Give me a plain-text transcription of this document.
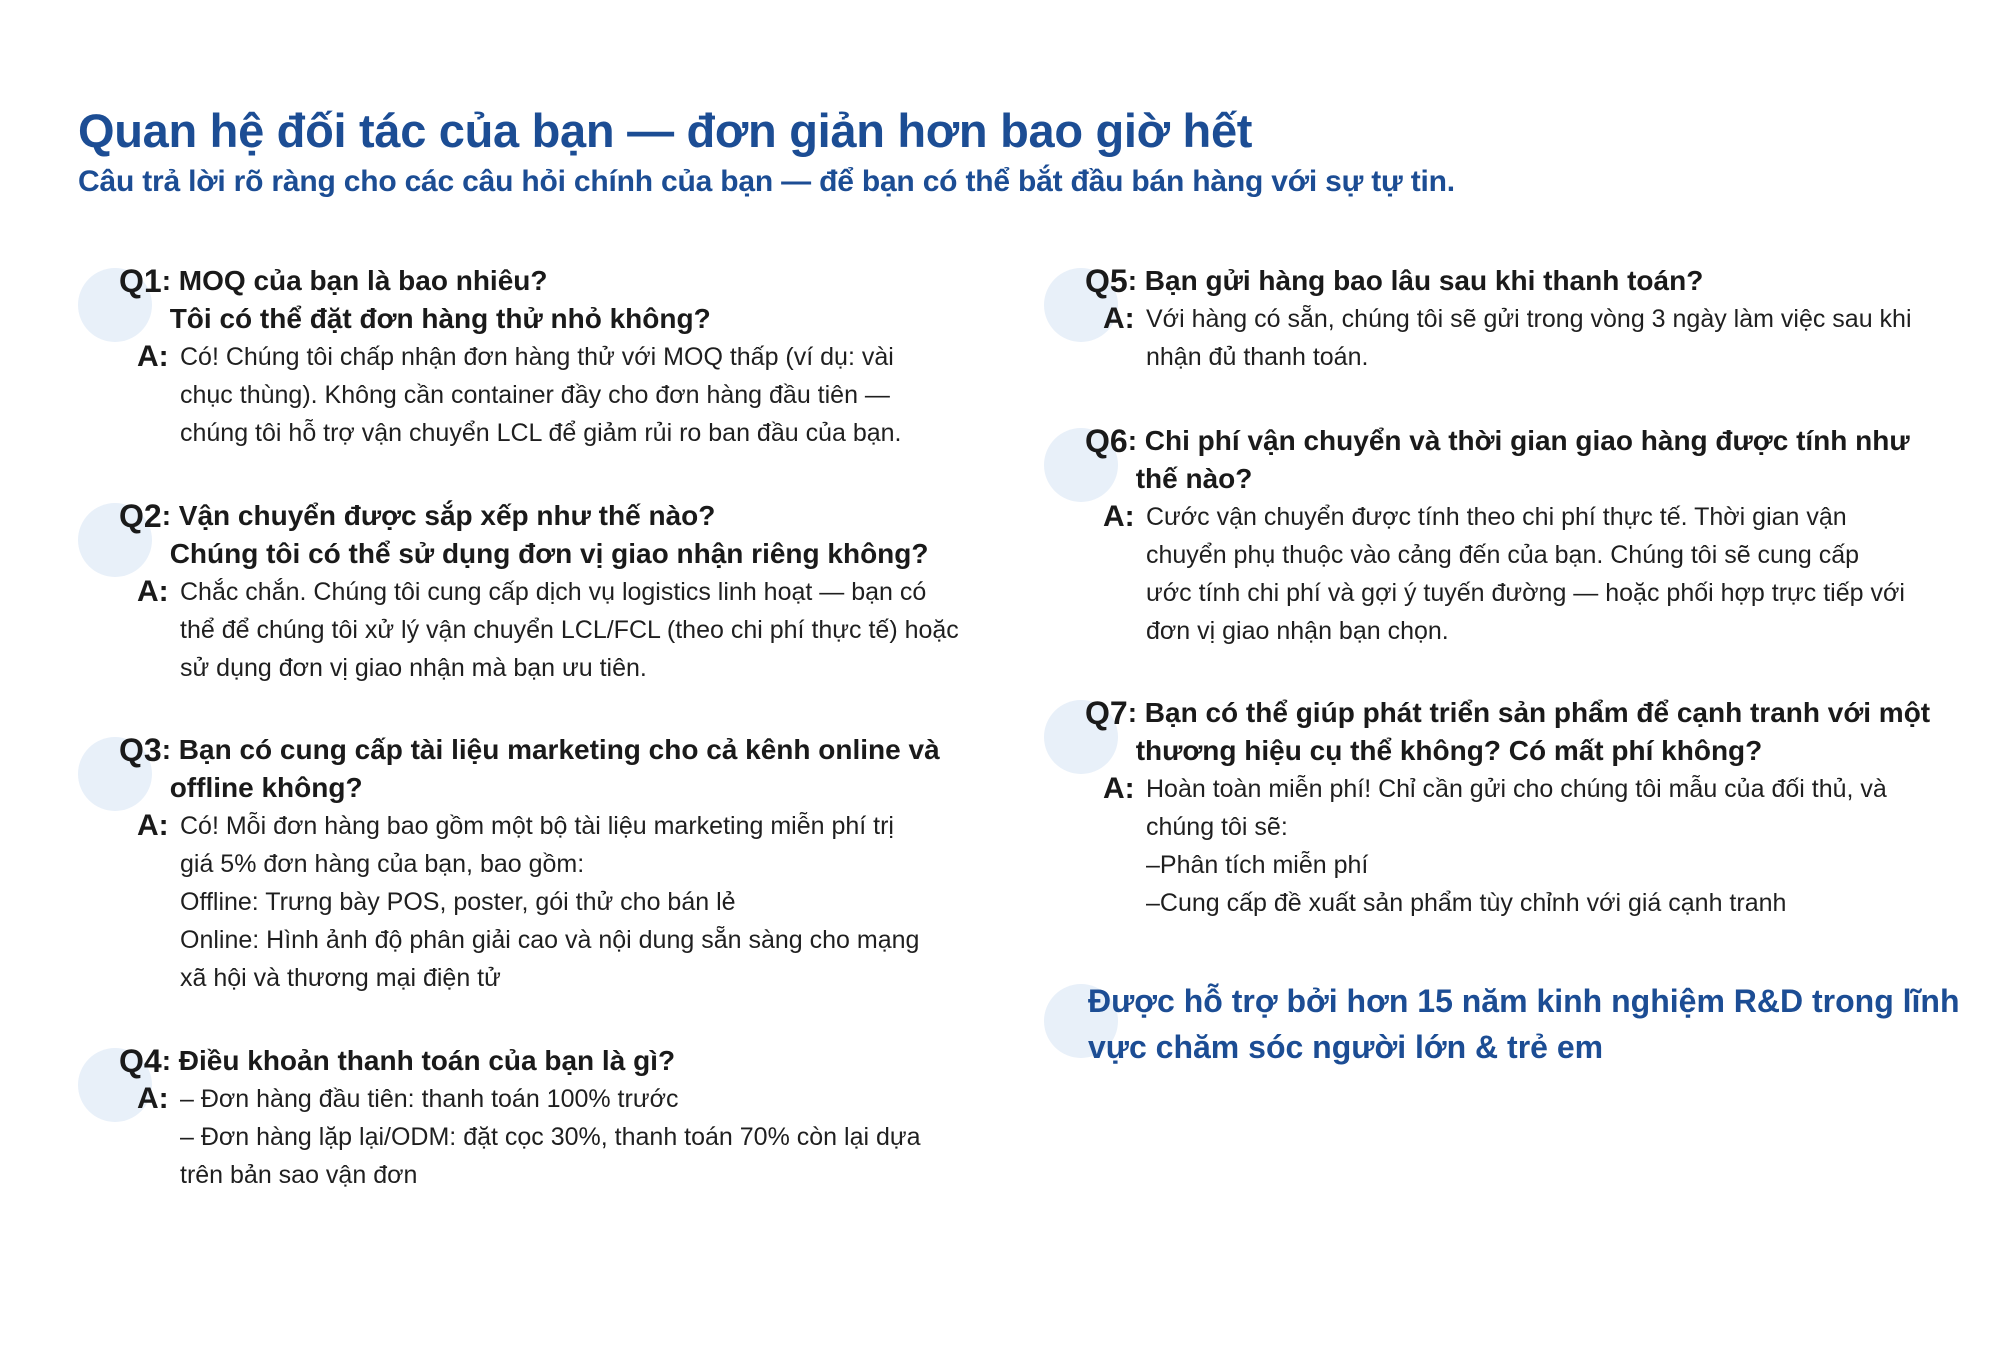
Quan hệ đối tác của bạn — đơn giản hơn bao giờ hết
Câu trả lời rõ ràng cho các câu hỏi chính của bạn — để bạn có thể bắt đầu bán hàng với sự tự tin.
Q1 : MOQ của bạn là bao nhiêu?
Tôi có thể đặt đơn hàng thử nhỏ không?
A: Có! Chúng tôi chấp nhận đơn hàng thử với MOQ thấp (ví dụ: vài
chục thùng). Không cần container đầy cho đơn hàng đầu tiên —
chúng tôi hỗ trợ vận chuyển LCL để giảm rủi ro ban đầu của bạn.
Q2 : Vận chuyển được sắp xếp như thế nào?
Chúng tôi có thể sử dụng đơn vị giao nhận riêng không?
A: Chắc chắn. Chúng tôi cung cấp dịch vụ logistics linh hoạt — bạn có
thể để chúng tôi xử lý vận chuyển LCL/FCL (theo chi phí thực tế) hoặc
sử dụng đơn vị giao nhận mà bạn ưu tiên.
Q3 : Bạn có cung cấp tài liệu marketing cho cả kênh online và
offline không?
A: Có! Mỗi đơn hàng bao gồm một bộ tài liệu marketing miễn phí trị
giá 5% đơn hàng của bạn, bao gồm:
Offline: Trưng bày POS, poster, gói thử cho bán lẻ
Online: Hình ảnh độ phân giải cao và nội dung sẵn sàng cho mạng
xã hội và thương mại điện tử
Q4 : Điều khoản thanh toán của bạn là gì?
A: – Đơn hàng đầu tiên: thanh toán 100% trước
– Đơn hàng lặp lại/ODM: đặt cọc 30%, thanh toán 70% còn lại dựa
trên bản sao vận đơn
Q5 : Bạn gửi hàng bao lâu sau khi thanh toán?
A: Với hàng có sẵn, chúng tôi sẽ gửi trong vòng 3 ngày làm việc sau khi
nhận đủ thanh toán.
Q6 : Chi phí vận chuyển và thời gian giao hàng được tính như
thế nào?
A: Cước vận chuyển được tính theo chi phí thực tế. Thời gian vận
chuyển phụ thuộc vào cảng đến của bạn. Chúng tôi sẽ cung cấp
ước tính chi phí và gợi ý tuyến đường — hoặc phối hợp trực tiếp với
đơn vị giao nhận bạn chọn.
Q7 : Bạn có thể giúp phát triển sản phẩm để cạnh tranh với một
thương hiệu cụ thể không? Có mất phí không?
A: Hoàn toàn miễn phí! Chỉ cần gửi cho chúng tôi mẫu của đối thủ, và
chúng tôi sẽ:
–Phân tích miễn phí
–Cung cấp đề xuất sản phẩm tùy chỉnh với giá cạnh tranh
Được hỗ trợ bởi hơn 15 năm kinh nghiệm R&D trong lĩnh
vực chăm sóc người lớn & trẻ em
